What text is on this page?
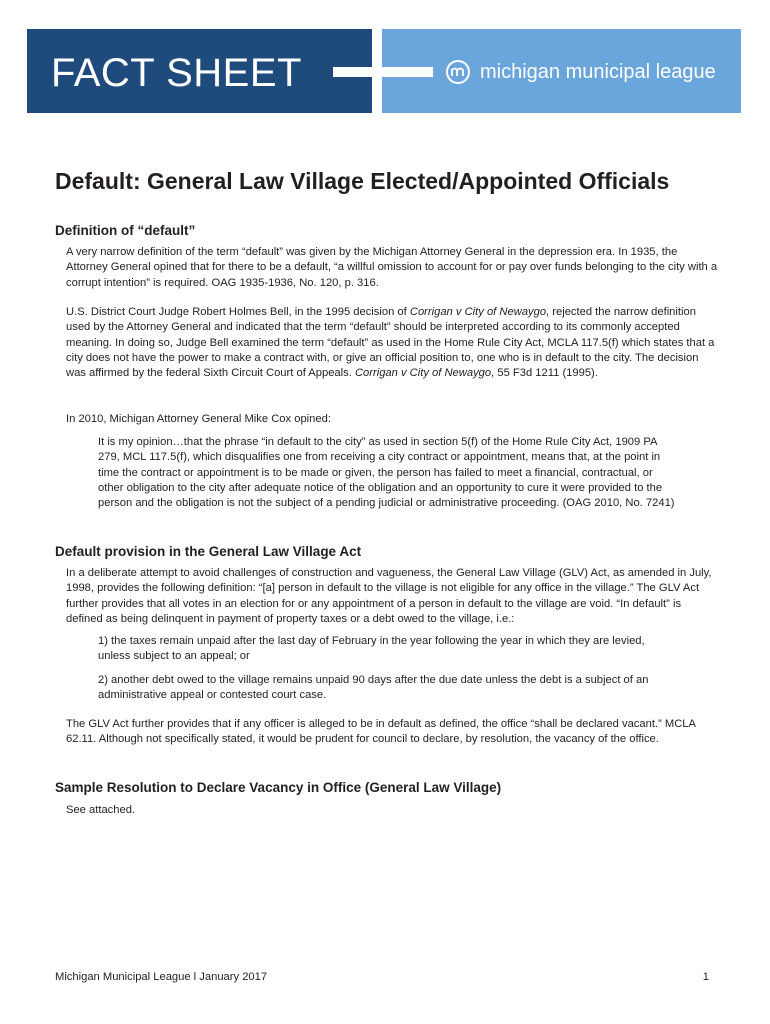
FACT SHEET	michigan municipal league
Default: General Law Village Elected/Appointed Officials
Definition of “default”

A very narrow definition of the term “default” was given by the Michigan Attorney General in the depression era. In 1935, the Attorney General opined that for there to be a default, “a willful omission to account for or pay over funds belonging to the city with a corrupt intention” is required. OAG 1935-1936, No. 120, p. 316.

U.S. District Court Judge Robert Holmes Bell, in the 1995 decision of Corrigan v City of Newaygo, rejected the narrow definition used by the Attorney General and indicated that the term “default” should be interpreted according to its commonly accepted meaning. In doing so, Judge Bell examined the term “default” as used in the Home Rule City Act, MCLA 117.5(f) which states that a city does not have the power to make a contract with, or give an official position to, one who is in default to the city. The decision was affirmed by the federal Sixth Circuit Court of Appeals. Corrigan v City of Newaygo, 55 F3d 1211 (1995).

In 2010, Michigan Attorney General Mike Cox opined:

It is my opinion…that the phrase “in default to the city” as used in section 5(f) of the Home Rule City Act, 1909 PA 279, MCL 117.5(f), which disqualifies one from receiving a city contract or appointment, means that, at the point in time the contract or appointment is to be made or given, the person has failed to meet a financial, contractual, or other obligation to the city after adequate notice of the obligation and an opportunity to cure it were provided to the person and the obligation is not the subject of a pending judicial or administrative proceeding. (OAG 2010, No. 7241)

Default provision in the General Law Village Act

In a deliberate attempt to avoid challenges of construction and vagueness, the General Law Village (GLV) Act, as amended in July, 1998, provides the following definition: “[a] person in default to the village is not eligible for any office in the village.” The GLV Act further provides that all votes in an election for or any appointment of a person in default to the village are void. “In default” is defined as being delinquent in payment of property taxes or a debt owed to the village, i.e.:

1) the taxes remain unpaid after the last day of February in the year following the year in which they are levied, unless subject to an appeal; or

2) another debt owed to the village remains unpaid 90 days after the due date unless the debt is a subject of an administrative appeal or contested court case.

The GLV Act further provides that if any officer is alleged to be in default as defined, the office “shall be declared vacant.” MCLA 62.11. Although not specifically stated, it would be prudent for council to declare, by resolution, the vacancy of the office.

Sample Resolution to Declare Vacancy in Office (General Law Village)

See attached.

Michigan Municipal League l January 2017	1
